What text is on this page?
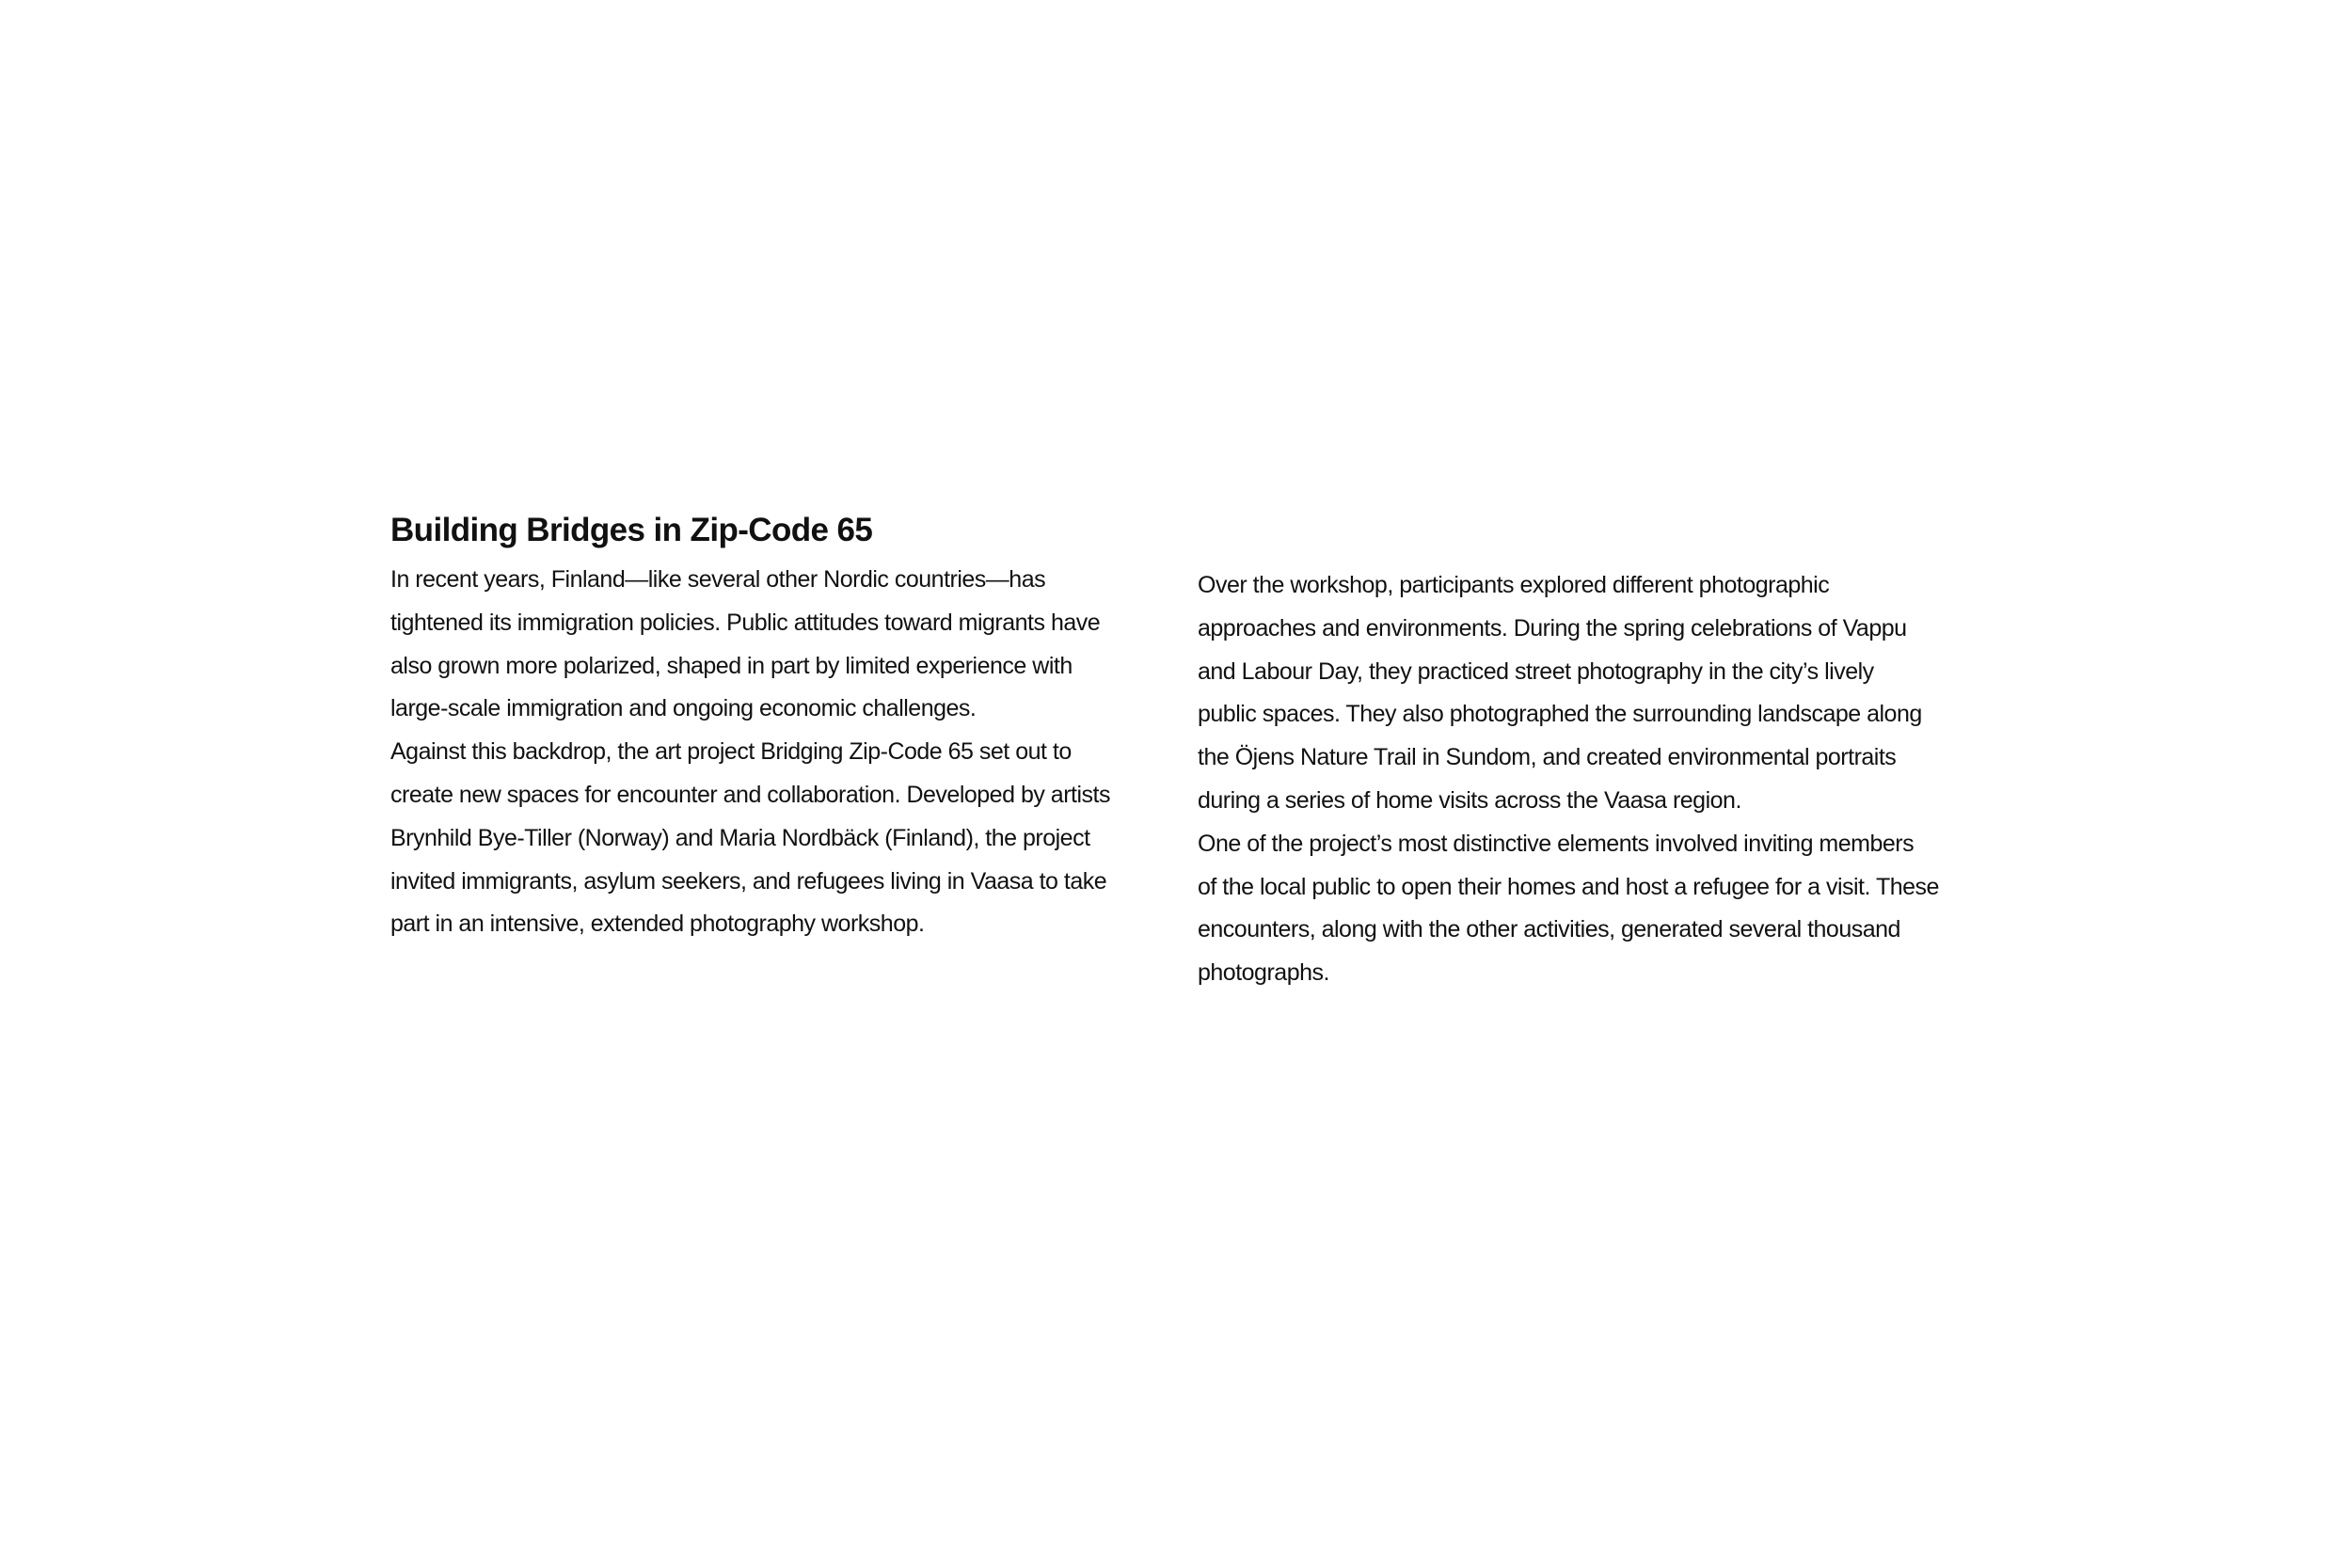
Building Bridges in Zip-Code 65
In recent years, Finland—like several other Nordic countries—has
tightened its immigration policies. Public attitudes toward migrants have
also grown more polarized, shaped in part by limited experience with
large-scale immigration and ongoing economic challenges.
Against this backdrop, the art project Bridging Zip-Code 65 set out to
create new spaces for encounter and collaboration. Developed by artists
Brynhild Bye-Tiller (Norway) and Maria Nordbäck (Finland), the project
invited immigrants, asylum seekers, and refugees living in Vaasa to take
part in an intensive, extended photography workshop.
Over the workshop, participants explored different photographic
approaches and environments. During the spring celebrations of Vappu
and Labour Day, they practiced street photography in the city’s lively
public spaces. They also photographed the surrounding landscape along
the Öjens Nature Trail in Sundom, and created environmental portraits
during a series of home visits across the Vaasa region.
One of the project’s most distinctive elements involved inviting members
of the local public to open their homes and host a refugee for a visit. These
encounters, along with the other activities, generated several thousand
photographs.
